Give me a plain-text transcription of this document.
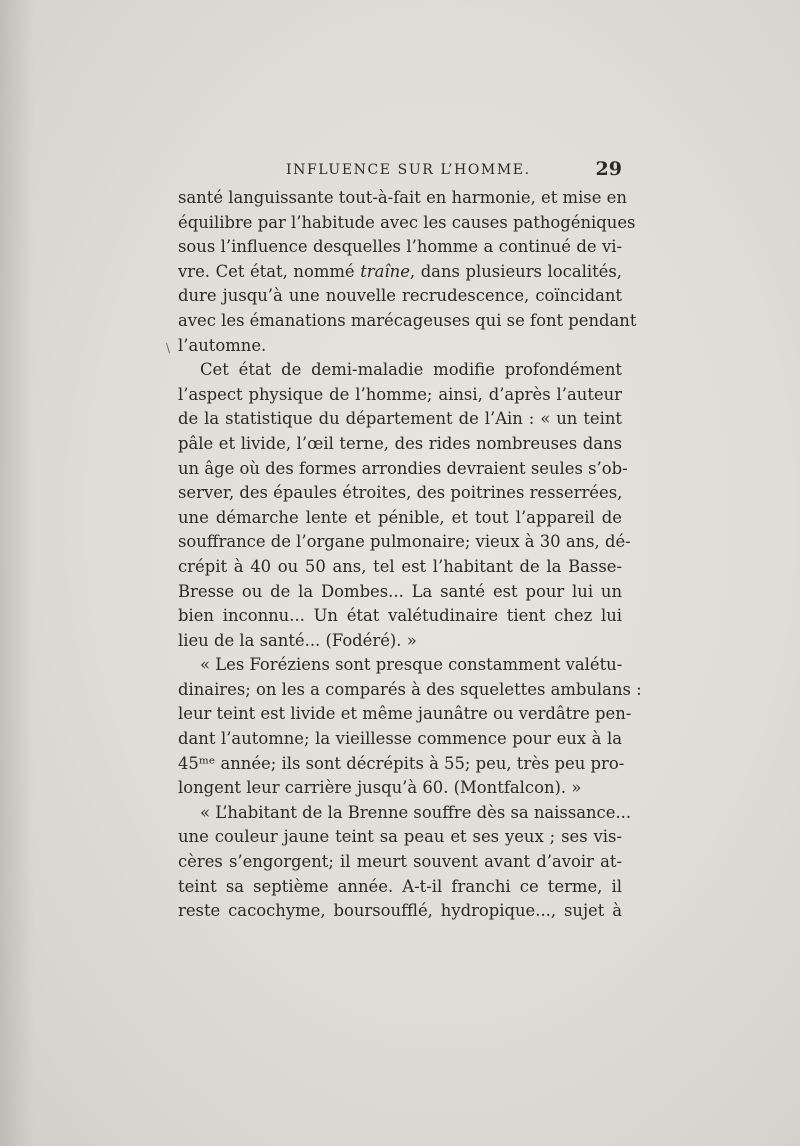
INFLUENCE SUR L’HOMME.	29
\
santé languissante tout-à-fait en harmonie, et mise en
équilibre par l’habitude avec les causes pathogéniques
sous l’influence desquelles l’homme a continué de vi-
vre. Cet état, nommé traîne, dans plusieurs localités,
dure jusqu’à une nouvelle recrudescence, coïncidant
avec les émanations marécageuses qui se font pendant
l’automne.
Cet état de demi-maladie modifie profondément
l’aspect physique de l’homme; ainsi, d’après l’auteur
de la statistique du département de l’Ain : « un teint
pâle et livide, l’œil terne, des rides nombreuses dans
un âge où des formes arrondies devraient seules s’ob-
server, des épaules étroites, des poitrines resserrées,
une démarche lente et pénible, et tout l’appareil de
souffrance de l’organe pulmonaire; vieux à 30 ans, dé-
crépit à 40 ou 50 ans, tel est l’habitant de la Basse-
Bresse ou de la Dombes... La santé est pour lui un
bien inconnu... Un état valétudinaire tient chez lui
lieu de la santé... (Fodéré). »
« Les Foréziens sont presque constamment valétu-
dinaires; on les a comparés à des squelettes ambulans :
leur teint est livide et même jaunâtre ou verdâtre pen-
dant l’automne; la vieillesse commence pour eux à la
45ᵐᵉ année; ils sont décrépits à 55; peu, très peu pro-
longent leur carrière jusqu’à 60. (Montfalcon). »
« L’habitant de la Brenne souffre dès sa naissance...
une couleur jaune teint sa peau et ses yeux ; ses vis-
cères s’engorgent; il meurt souvent avant d’avoir at-
teint sa septième année. A-t-il franchi ce terme, il
reste cacochyme, boursoufflé, hydropique..., sujet à
